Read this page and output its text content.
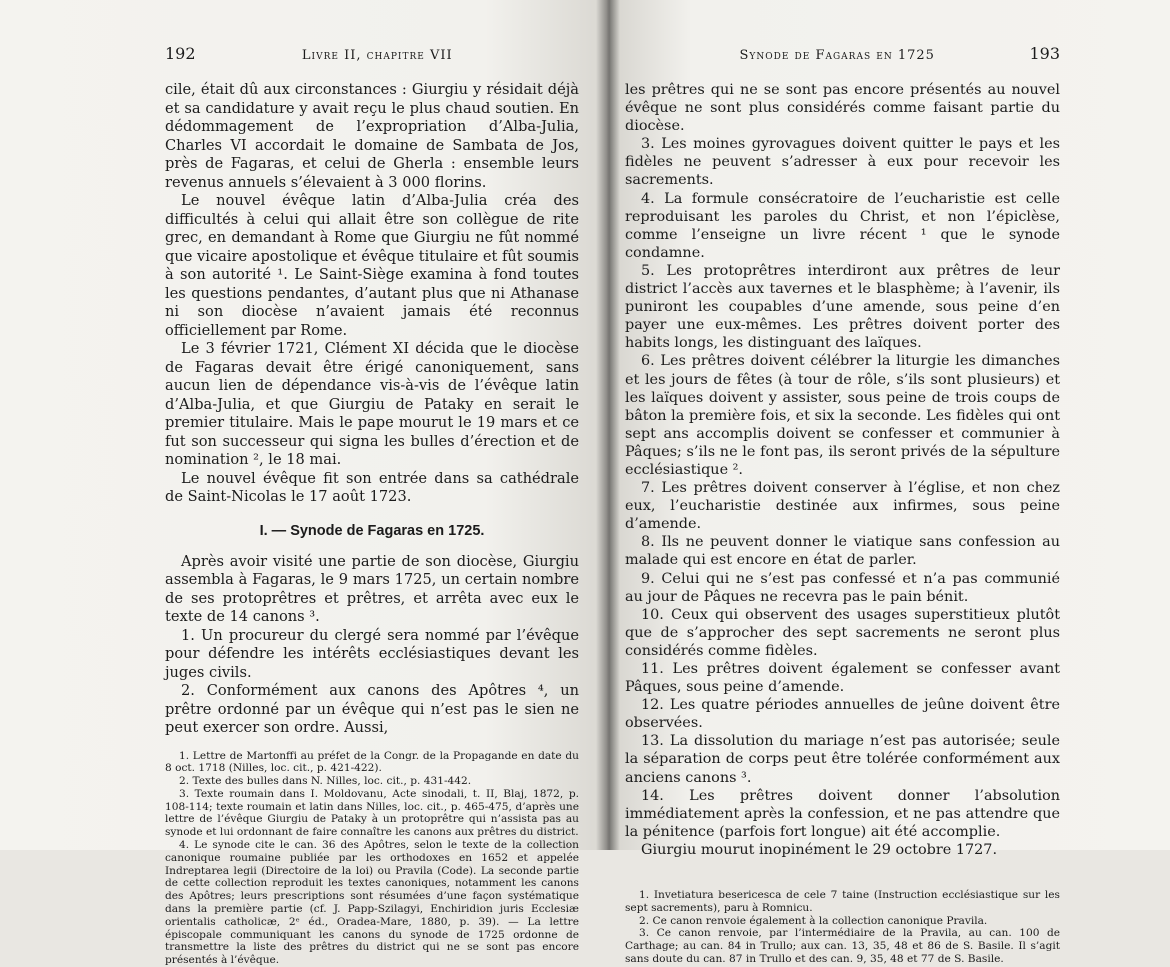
192	Livre II, chapitre VII

cile, était dû aux circonstances : Giurgiu y résidait déjà et sa candidature y avait reçu le plus chaud soutien. En dédommagement de l’expropriation d’Alba-Julia, Charles VI accordait le domaine de Sambata de Jos, près de Fagaras, et celui de Gherla : ensemble leurs revenus annuels s’élevaient à 3 000 florins.

Le nouvel évêque latin d’Alba-Julia créa des difficultés à celui qui allait être son collègue de rite grec, en demandant à Rome que Giurgiu ne fût nommé que vicaire apostolique et évêque titulaire et fût soumis à son autorité ¹. Le Saint-Siège examina à fond toutes les questions pendantes, d’autant plus que ni Athanase ni son diocèse n’avaient jamais été reconnus officiellement par Rome.

Le 3 février 1721, Clément XI décida que le diocèse de Fagaras devait être érigé canoniquement, sans aucun lien de dépendance vis-à-vis de l’évêque latin d’Alba-Julia, et que Giurgiu de Pataky en serait le premier titulaire. Mais le pape mourut le 19 mars et ce fut son successeur qui signa les bulles d’érection et de nomination ², le 18 mai.

Le nouvel évêque fit son entrée dans sa cathédrale de Saint-Nicolas le 17 août 1723.

I. — Synode de Fagaras en 1725.

Après avoir visité une partie de son diocèse, Giurgiu assembla à Fagaras, le 9 mars 1725, un certain nombre de ses protoprêtres et prêtres, et arrêta avec eux le texte de 14 canons ³.

1. Un procureur du clergé sera nommé par l’évêque pour défendre les intérêts ecclésiastiques devant les juges civils.

2. Conformément aux canons des Apôtres ⁴, un prêtre ordonné par un évêque qui n’est pas le sien ne peut exercer son ordre. Aussi,

1. Lettre de Martonffi au préfet de la Congr. de la Propagande en date du 8 oct. 1718 (Nilles, loc. cit., p. 421-422).

2. Texte des bulles dans N. Nilles, loc. cit., p. 431-442.

3. Texte roumain dans I. Moldovanu, Acte sinodali, t. II, Blaj, 1872, p. 108-114; texte roumain et latin dans Nilles, loc. cit., p. 465-475, d’après une lettre de l’évêque Giurgiu de Pataky à un protoprêtre qui n’assista pas au synode et lui ordonnant de faire connaître les canons aux prêtres du district.

4. Le synode cite le can. 36 des Apôtres, selon le texte de la collection canonique roumaine publiée par les orthodoxes en 1652 et appelée Indreptarea legii (Directoire de la loi) ou Pravila (Code). La seconde partie de cette collection reproduit les textes canoniques, notamment les canons des Apôtres; leurs prescriptions sont résumées d’une façon systématique dans la première partie (cf. J. Papp-Szilagyi, Enchiridion juris Ecclesiæ orientalis catholicæ, 2ᵉ éd., Oradea-Mare, 1880, p. 39). — La lettre épiscopale communiquant les canons du synode de 1725 ordonne de transmettre la liste des prêtres du district qui ne se sont pas encore présentés à l’évêque.

Synode de Fagaras en 1725	193

les prêtres qui ne se sont pas encore présentés au nouvel évêque ne sont plus considérés comme faisant partie du diocèse.

3. Les moines gyrovagues doivent quitter le pays et les fidèles ne peuvent s’adresser à eux pour recevoir les sacrements.

4. La formule consécratoire de l’eucharistie est celle reproduisant les paroles du Christ, et non l’épiclèse, comme l’enseigne un livre récent ¹ que le synode condamne.

5. Les protoprêtres interdiront aux prêtres de leur district l’accès aux tavernes et le blasphème; à l’avenir, ils puniront les coupables d’une amende, sous peine d’en payer une eux-mêmes. Les prêtres doivent porter des habits longs, les distinguant des laïques.

6. Les prêtres doivent célébrer la liturgie les dimanches et les jours de fêtes (à tour de rôle, s’ils sont plusieurs) et les laïques doivent y assister, sous peine de trois coups de bâton la première fois, et six la seconde. Les fidèles qui ont sept ans accomplis doivent se confesser et communier à Pâques; s’ils ne le font pas, ils seront privés de la sépulture ecclésiastique ².

7. Les prêtres doivent conserver à l’église, et non chez eux, l’eucharistie destinée aux infirmes, sous peine d’amende.

8. Ils ne peuvent donner le viatique sans confession au malade qui est encore en état de parler.

9. Celui qui ne s’est pas confessé et n’a pas communié au jour de Pâques ne recevra pas le pain bénit.

10. Ceux qui observent des usages superstitieux plutôt que de s’approcher des sept sacrements ne seront plus considérés comme fidèles.

11. Les prêtres doivent également se confesser avant Pâques, sous peine d’amende.

12. Les quatre périodes annuelles de jeûne doivent être observées.

13. La dissolution du mariage n’est pas autorisée; seule la séparation de corps peut être tolérée conformément aux anciens canons ³.

14. Les prêtres doivent donner l’absolution immédiatement après la confession, et ne pas attendre que la pénitence (parfois fort longue) ait été accomplie.

Giurgiu mourut inopinément le 29 octobre 1727.

1. Invetiatura besericesca de cele 7 taine (Instruction ecclésiastique sur les sept sacrements), paru à Romnicu.

2. Ce canon renvoie également à la collection canonique Pravila.

3. Ce canon renvoie, par l’intermédiaire de la Pravila, au can. 100 de Carthage; au can. 84 in Trullo; aux can. 13, 35, 48 et 86 de S. Basile. Il s’agit sans doute du can. 87 in Trullo et des can. 9, 35, 48 et 77 de S. Basile.
